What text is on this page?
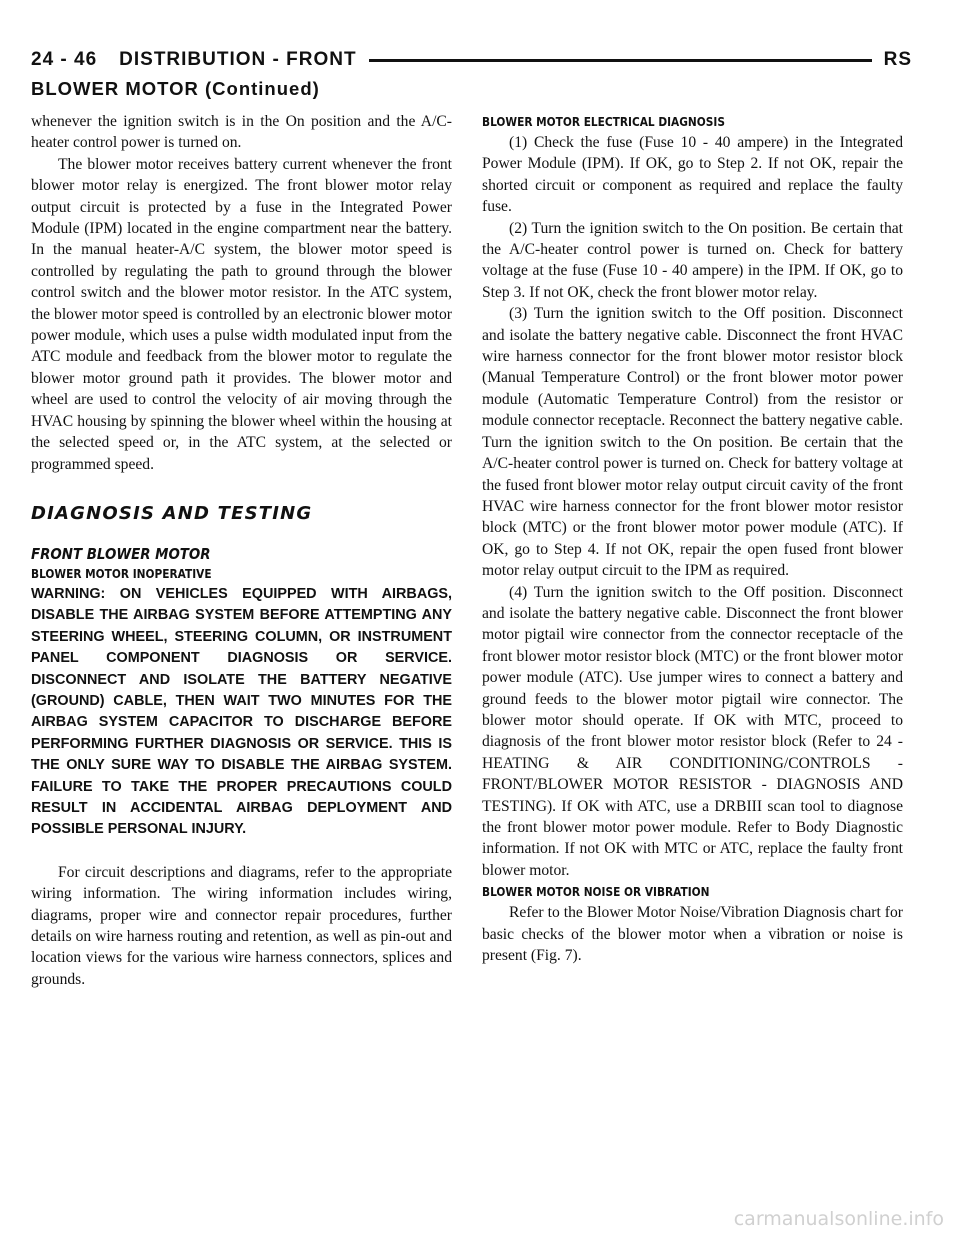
24 - 46 DISTRIBUTION - FRONT	RS
BLOWER MOTOR (Continued)

whenever the ignition switch is in the On position and the A/C-heater control power is turned on.

The blower motor receives battery current whenever the front blower motor relay is energized. The front blower motor relay output circuit is protected by a fuse in the Integrated Power Module (IPM) located in the engine compartment near the battery. In the manual heater-A/C system, the blower motor speed is controlled by regulating the path to ground through the blower control switch and the blower motor resistor. In the ATC system, the blower motor speed is controlled by an electronic blower motor power module, which uses a pulse width modulated input from the ATC module and feedback from the blower motor to regulate the blower motor ground path it provides. The blower motor and wheel are used to control the velocity of air moving through the HVAC housing by spinning the blower wheel within the housing at the selected speed or, in the ATC system, at the selected or programmed speed.

DIAGNOSIS AND TESTING
FRONT BLOWER MOTOR
BLOWER MOTOR INOPERATIVE

WARNING: ON VEHICLES EQUIPPED WITH AIRBAGS, DISABLE THE AIRBAG SYSTEM BEFORE ATTEMPTING ANY STEERING WHEEL, STEERING COLUMN, OR INSTRUMENT PANEL COMPONENT DIAGNOSIS OR SERVICE. DISCONNECT AND ISOLATE THE BATTERY NEGATIVE (GROUND) CABLE, THEN WAIT TWO MINUTES FOR THE AIRBAG SYSTEM CAPACITOR TO DISCHARGE BEFORE PERFORMING FURTHER DIAGNOSIS OR SERVICE. THIS IS THE ONLY SURE WAY TO DISABLE THE AIRBAG SYSTEM. FAILURE TO TAKE THE PROPER PRECAUTIONS COULD RESULT IN ACCIDENTAL AIRBAG DEPLOYMENT AND POSSIBLE PERSONAL INJURY.

For circuit descriptions and diagrams, refer to the appropriate wiring information. The wiring information includes wiring, diagrams, proper wire and connector repair procedures, further details on wire harness routing and retention, as well as pin-out and location views for the various wire harness connectors, splices and grounds.

BLOWER MOTOR ELECTRICAL DIAGNOSIS

(1) Check the fuse (Fuse 10 - 40 ampere) in the Integrated Power Module (IPM). If OK, go to Step 2. If not OK, repair the shorted circuit or component as required and replace the faulty fuse.

(2) Turn the ignition switch to the On position. Be certain that the A/C-heater control power is turned on. Check for battery voltage at the fuse (Fuse 10 - 40 ampere) in the IPM. If OK, go to Step 3. If not OK, check the front blower motor relay.

(3) Turn the ignition switch to the Off position. Disconnect and isolate the battery negative cable. Disconnect the front HVAC wire harness connector for the front blower motor resistor block (Manual Temperature Control) or the front blower motor power module (Automatic Temperature Control) from the resistor or module connector receptacle. Reconnect the battery negative cable. Turn the ignition switch to the On position. Be certain that the A/C-heater control power is turned on. Check for battery voltage at the fused front blower motor relay output circuit cavity of the front HVAC wire harness connector for the front blower motor resistor block (MTC) or the front blower motor power module (ATC). If OK, go to Step 4. If not OK, repair the open fused front blower motor relay output circuit to the IPM as required.

(4) Turn the ignition switch to the Off position. Disconnect and isolate the battery negative cable. Disconnect the front blower motor pigtail wire connector from the connector receptacle of the front blower motor resistor block (MTC) or the front blower motor power module (ATC). Use jumper wires to connect a battery and ground feeds to the blower motor pigtail wire connector. The blower motor should operate. If OK with MTC, proceed to diagnosis of the front blower motor resistor block (Refer to 24 - HEATING & AIR CONDITIONING/CONTROLS - FRONT/BLOWER MOTOR RESISTOR - DIAGNOSIS AND TESTING). If OK with ATC, use a DRBIII scan tool to diagnose the front blower motor power module. Refer to Body Diagnostic information. If not OK with MTC or ATC, replace the faulty front blower motor.

BLOWER MOTOR NOISE OR VIBRATION

Refer to the Blower Motor Noise/Vibration Diagnosis chart for basic checks of the blower motor when a vibration or noise is present (Fig. 7).

carmanualsonline.info
